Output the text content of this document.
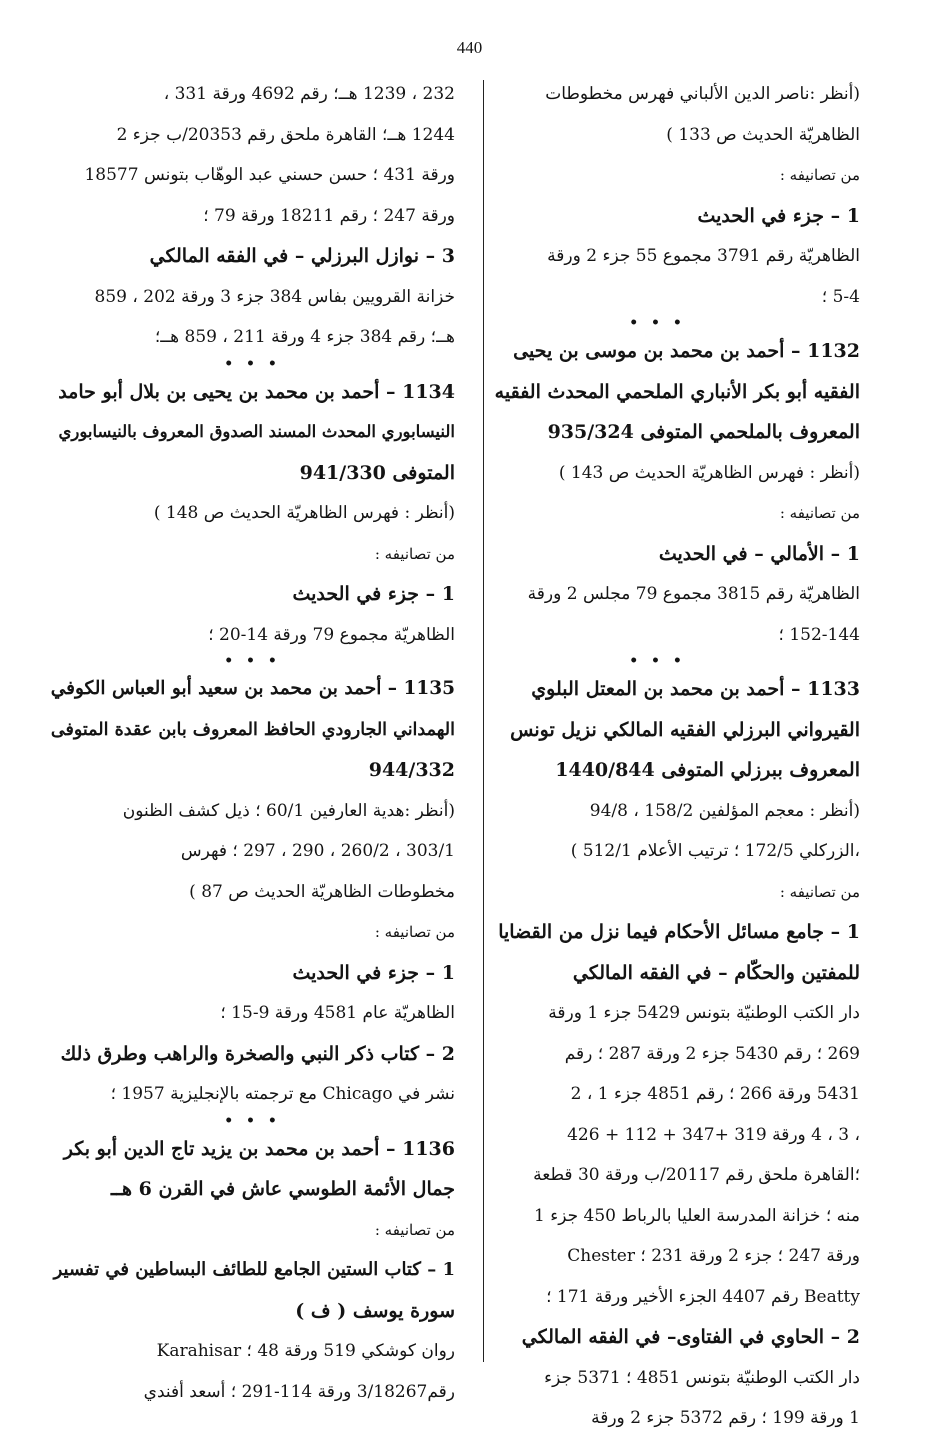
440

(أنظر :ناصر الدين الألباني فهرس مخطوطات

الظاهريّة الحديث ص 133 )

من تصانيفه :

1 – جزء في الحديث

الظاهريّة رقم 3791 مجموع 55 جزء 2 ورقة

5-4 ؛

• • •

1132 – أحمد بن محمد بن موسى بن يحيى

الفقيه أبو بكر الأنباري الملحمي المحدث الفقيه

المعروف بالملحمي المتوفى 935/324

(أنظر : فهرس الظاهريّة الحديث ص 143 )

من تصانيفه :

1 – الأمالي – في الحديث

الظاهريّة رقم 3815 مجموع 79 مجلس 2 ورقة

152-144 ؛

• • •

1133 – أحمد بن محمد بن المعتل البلوي

القيرواني البرزلي الفقيه المالكي نزيل تونس

المعروف ببرزلي المتوفى 1440/844

(أنظر : معجم المؤلفين 158/2 ، 94/8

،الزركلي 172/5 ؛ ترتيب الأعلام 512/1 )

من تصانيفه :

1 – جامع مسائل الأحكام فيما نزل من القضايا

للمفتين والحكّام – في الفقه المالكي

دار الكتب الوطنيّة بتونس 5429 جزء 1 ورقة

269 ؛ رقم 5430 جزء 2 ورقة 287 ؛ رقم

5431 ورقة 266 ؛ رقم 4851 جزء 1 ، 2

، 3 ، 4 ورقة 319 +347 + 112 + 426

؛القاهرة ملحق رقم 20117/ب ورقة 30 قطعة

منه ؛ خزانة المدرسة العليا بالرباط 450 جزء 1

ورقة 247 ؛ جزء 2 ورقة 231 ؛ Chester

Beatty رقم 4407 الجزء الأخير ورقة 171 ؛

2 – الحاوي في الفتاوى– في الفقه المالكي

دار الكتب الوطنيّة بتونس 4851 ؛ 5371 جزء

1 ورقة 199 ؛ رقم 5372 جزء 2 ورقة

232 ، 1239 هــ؛ رقم 4692 ورقة 331 ،

1244 هــ؛ القاهرة ملحق رقم 20353/ب جزء 2

ورقة 431 ؛ حسن حسني عبد الوهّاب بتونس 18577

ورقة 247 ؛ رقم 18211 ورقة 79 ؛

3 – نوازل البرزلي – في الفقه المالكي

خزانة القرويين بفاس 384 جزء 3 ورقة 202 ، 859

هــ؛ رقم 384 جزء 4 ورقة 211 ، 859 هــ؛

• • •

1134 – أحمد بن محمد بن يحيى بن بلال أبو حامد

النيسابوري المحدث المسند الصدوق المعروف بالنيسابوري

المتوفى 941/330

(أنظر : فهرس الظاهريّة الحديث ص 148 )

من تصانيفه :

1 – جزء في الحديث

الظاهريّة مجموع 79 ورقة 14-20 ؛

• • •

1135 – أحمد بن محمد بن سعيد أبو العباس الكوفي

الهمداني الجارودي الحافظ المعروف بابن عقدة المتوفى

944/332

(أنظر :هدية العارفين 60/1 ؛ ذيل كشف الظنون

303/1 ، 260/2 ، 290 ، 297 ؛ فهرس

مخطوطات الظاهريّة الحديث ص 87 )

من تصانيفه :

1 – جزء في الحديث

الظاهريّة عام 4581 ورقة 9-15 ؛

2 – كتاب ذكر النبي والصخرة والراهب وطرق ذلك

نشر في Chicago مع ترجمته بالإنجليزية 1957 ؛

• • •

1136 – أحمد بن محمد بن يزيد تاج الدين أبو بكر

جمال الأئمة الطوسي عاش في القرن 6 هــ

من تصانيفه :

1 – كتاب الستين الجامع للطائف البساطين في تفسير

سورة يوسف ( ف )

روان كوشكي 519 ورقة 48 ؛ Karahisar

رقم3/18267 ورقة 114-291 ؛ أسعد أفندي
